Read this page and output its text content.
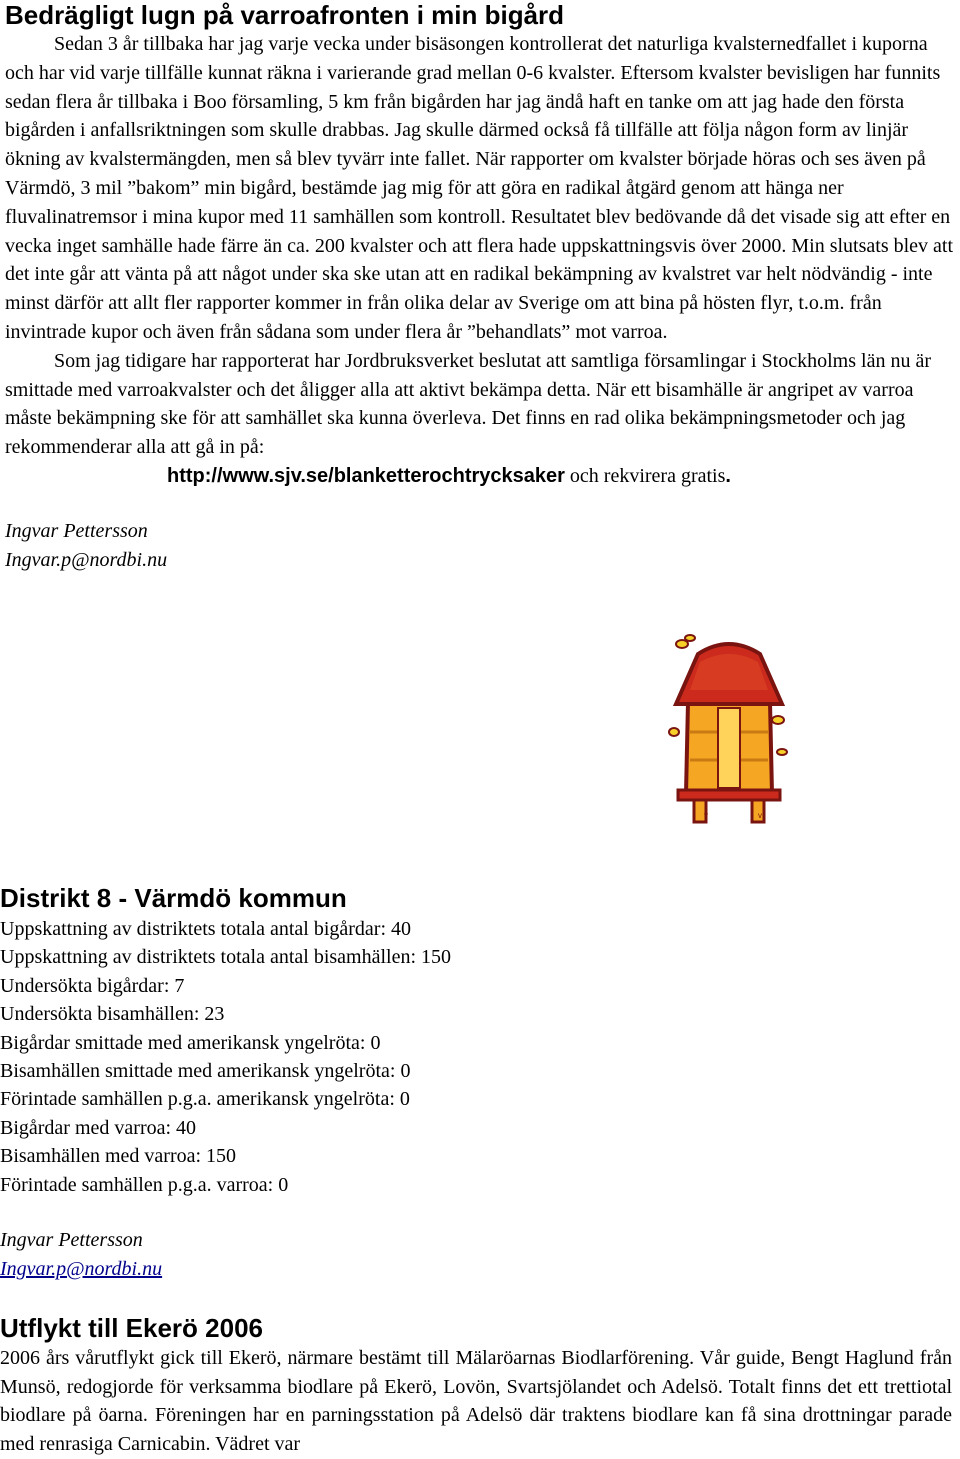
Bedrägligt lugn på varroafronten i min bigård

Sedan 3 år tillbaka har jag varje vecka under bisäsongen kontrollerat det naturliga kvalsternedfallet i kuporna och har vid varje tillfälle kunnat räkna i varierande grad mellan 0-6 kvalster. Eftersom kvalster bevisligen har funnits sedan flera år tillbaka i Boo församling, 5 km från bigården har jag ändå haft en tanke om att jag hade den första bigården i anfallsriktningen som skulle drabbas. Jag skulle därmed också få tillfälle att följa någon form av linjär ökning av kvalstermängden, men så blev tyvärr inte fallet. När rapporter om kvalster började höras och ses även på Värmdö, 3 mil ”bakom” min bigård, bestämde jag mig för att göra en radikal åtgärd genom att hänga ner fluvalinatremsor i mina kupor med 11 samhällen som kontroll. Resultatet blev bedövande då det visade sig att efter en vecka inget samhälle hade färre än ca. 200 kvalster och att flera hade uppskattningsvis över 2000. Min slutsats blev att det inte går att vänta på att något under ska ske utan att en radikal bekämpning av kvalstret var helt nödvändig - inte minst därför att allt fler rapporter kommer in från olika delar av Sverige om att bina på hösten flyr, t.o.m. från invintrade kupor och även från sådana som under flera år ”behandlats” mot varroa.

Som jag tidigare har rapporterat har Jordbruksverket beslutat att samtliga församlingar i Stockholms län nu är smittade med varroakvalster och det åligger alla att aktivt bekämpa detta. När ett bisamhälle är angripet av varroa måste bekämpning ske för att samhället ska kunna överleva. Det finns en rad olika bekämpningsmetoder och jag rekommenderar alla att gå in på:

http://www.sjv.se/blanketterochtrycksaker och rekvirera gratis.

Ingvar Pettersson
Ingvar.p@nordbi.nu
v	v
Distrikt 8 - Värmdö kommun
Uppskattning av distriktets totala antal bigårdar: 40
Uppskattning av distriktets totala antal bisamhällen: 150
Undersökta bigårdar: 7
Undersökta bisamhällen: 23
Bigårdar smittade med amerikansk yngelröta: 0
Bisamhällen smittade med amerikansk yngelröta: 0
Förintade samhällen p.g.a. amerikansk yngelröta: 0
Bigårdar med varroa: 40
Bisamhällen med varroa: 150
Förintade samhällen p.g.a. varroa: 0
Ingvar Pettersson
Ingvar.p@nordbi.nu
Utflykt till Ekerö 2006

2006 års vårutflykt gick till Ekerö, närmare bestämt till Mälaröarnas Biodlarförening. Vår guide, Bengt Haglund från Munsö, redogjorde för verksamma biodlare på Ekerö, Lovön, Svartsjölandet och Adelsö. Totalt finns det ett trettiotal biodlare på öarna. Föreningen har en parningsstation på Adelsö där traktens biodlare kan få sina drottningar parade med renrasiga Carnicabin. Vädret var
